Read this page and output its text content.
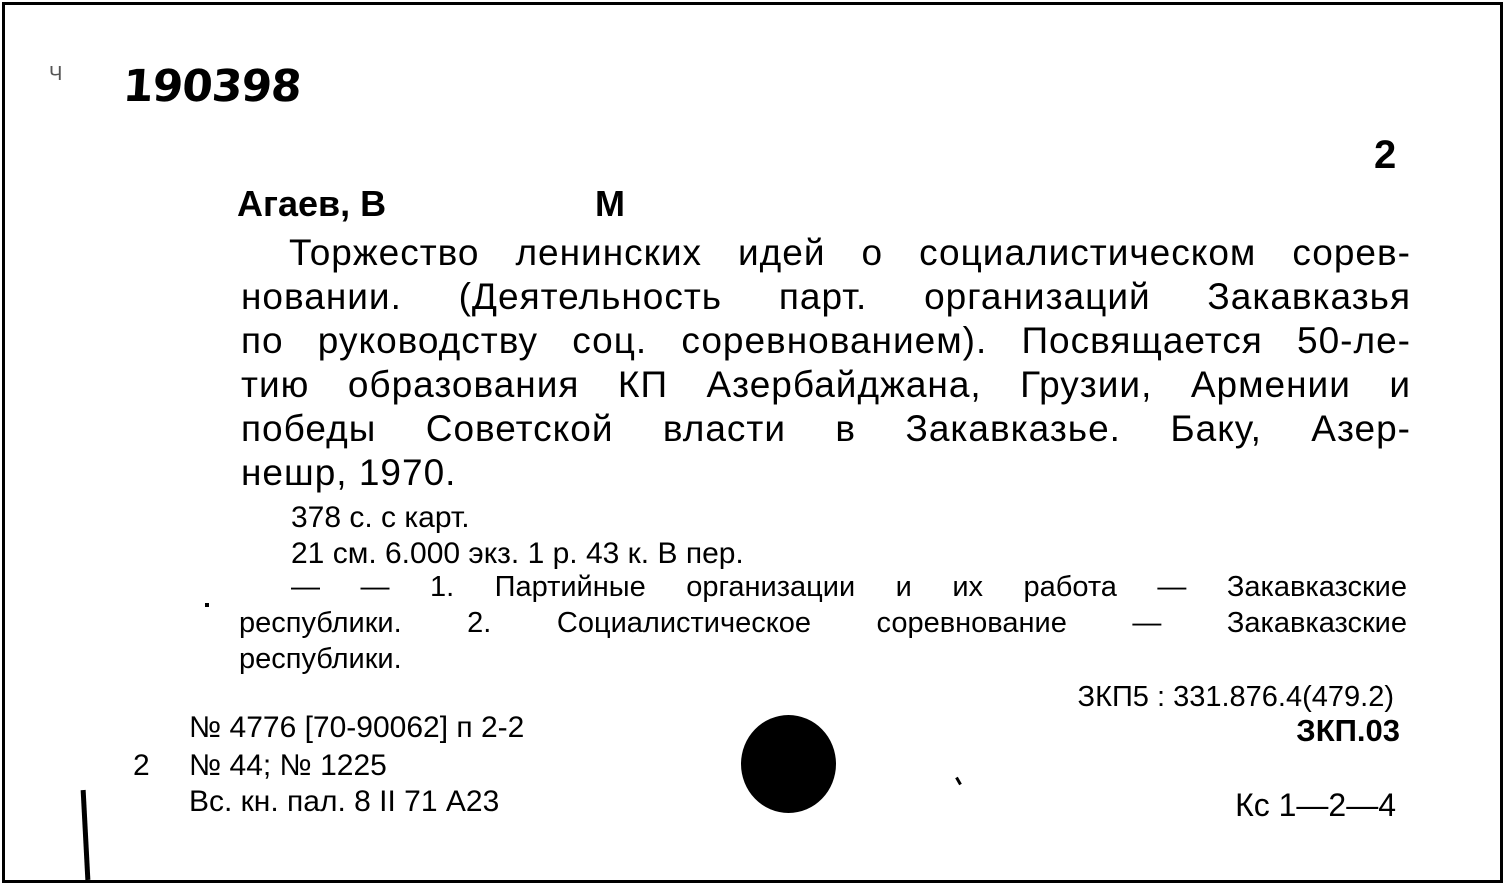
Ч 190398
2
Агаев, В	М
Торжество ленинских идей о социалистическом сорев-
новании. (Деятельность парт. организаций Закавказья
по руководству соц. соревнованием). Посвящается 50-ле-
тию образования КП Азербайджана, Грузии, Армении и
победы Советской власти в Закавказье. Баку, Азер-
нешр, 1970.
378 с. с карт.
21 см. 6.000 экз. 1 р. 43 к. В пер.
— — 1. Партийные организации и их работа — Закавказские
республики. 2. Социалистическое соревнование — Закавказские
республики.
ЗКП5 : 331.876.4(479.2)
ЗКП.03
№ 4776 [70-90062] п 2-2
2 № 44; № 1225
Вс. кн. пал. 8 II 71 А23	Кс 1—2—4
